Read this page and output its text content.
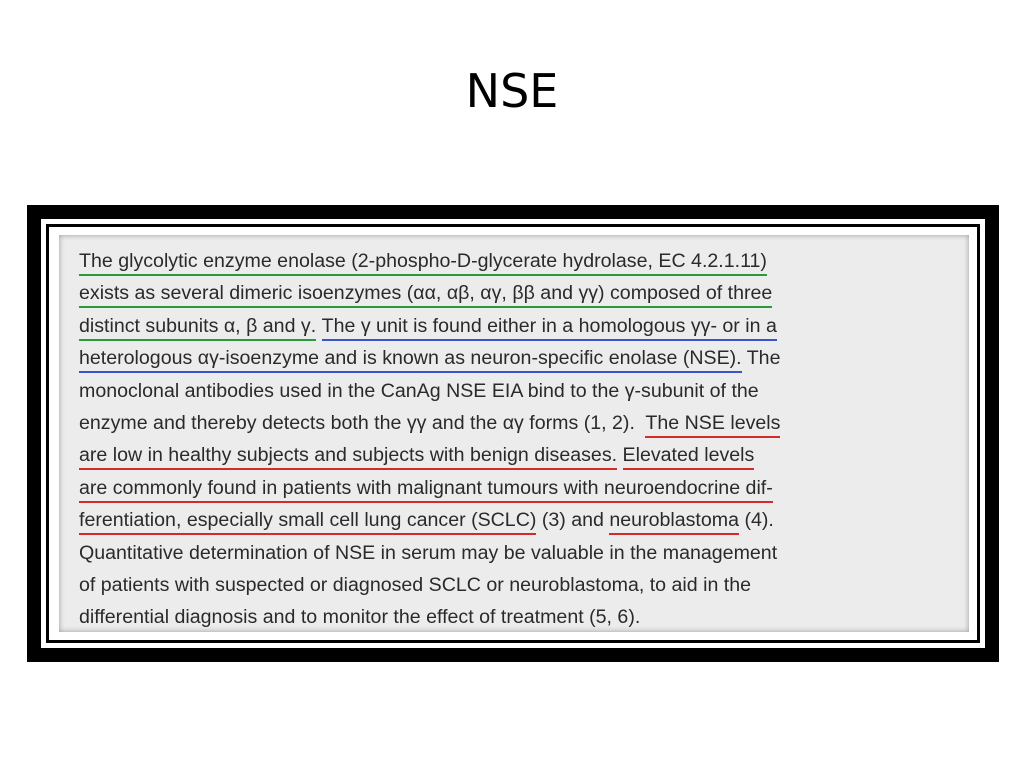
NSE
The glycolytic enzyme enolase (2-phospho-D-glycerate hydrolase, EC 4.2.1.11)
exists as several dimeric isoenzymes (αα, αβ, αγ, ββ and γγ) composed of three
distinct subunits α, β and γ. The γ unit is found either in a homologous γγ- or in a
heterologous αγ-isoenzyme and is known as neuron-specific enolase (NSE). The
monoclonal antibodies used in the CanAg NSE EIA bind to the γ-subunit of the
enzyme and thereby detects both the γγ and the αγ forms (1, 2).  The NSE levels
are low in healthy subjects and subjects with benign diseases. Elevated levels
are commonly found in patients with malignant tumours with neuroendocrine dif-
ferentiation, especially small cell lung cancer (SCLC) (3) and neuroblastoma (4).
Quantitative determination of NSE in serum may be valuable in the management
of patients with suspected or diagnosed SCLC or neuroblastoma, to aid in the
differential diagnosis and to monitor the effect of treatment (5, 6).
